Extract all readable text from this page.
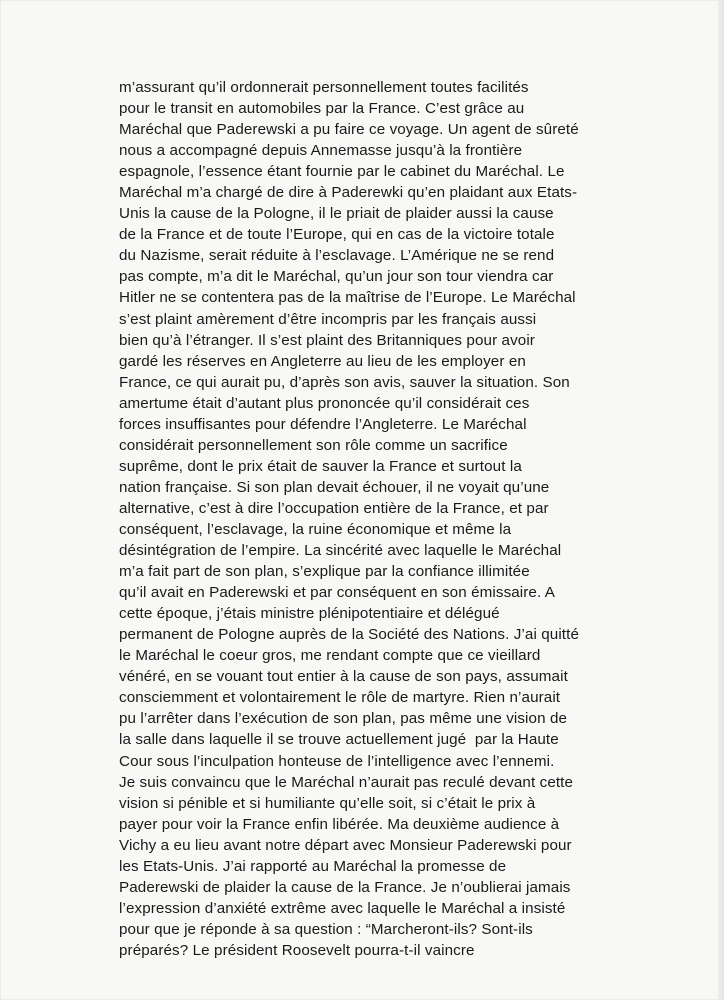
m’assurant qu’il ordonnerait personnellement toutes facilités
pour le transit en automobiles par la France. C’est grâce au
Maréchal que Paderewski a pu faire ce voyage. Un agent de sûreté
nous a accompagné depuis Annemasse jusqu’à la frontière
espagnole, l’essence étant fournie par le cabinet du Maréchal. Le
Maréchal m’a chargé de dire à Paderewki qu’en plaidant aux Etats-
Unis la cause de la Pologne, il le priait de plaider aussi la cause
de la France et de toute l’Europe, qui en cas de la victoire totale
du Nazisme, serait réduite à l’esclavage. L’Amérique ne se rend
pas compte, m’a dit le Maréchal, qu’un jour son tour viendra car
Hitler ne se contentera pas de la maîtrise de l’Europe. Le Maréchal
s’est plaint amèrement d’être incompris par les français aussi
bien qu’à l’étranger. Il s’est plaint des Britanniques pour avoir
gardé les réserves en Angleterre au lieu de les employer en
France, ce qui aurait pu, d’après son avis, sauver la situation. Son
amertume était d’autant plus prononcée qu’il considérait ces
forces insuffisantes pour défendre l’Angleterre. Le Maréchal
considérait personnellement son rôle comme un sacrifice
suprême, dont le prix était de sauver la France et surtout la
nation française. Si son plan devait échouer, il ne voyait qu’une
alternative, c’est à dire l’occupation entière de la France, et par
conséquent, l’esclavage, la ruine économique et même la
désintégration de l’empire. La sincérité avec laquelle le Maréchal
m’a fait part de son plan, s’explique par la confiance illimitée
qu’il avait en Paderewski et par conséquent en son émissaire. A
cette époque, j’étais ministre plénipotentiaire et délégué
permanent de Pologne auprès de la Société des Nations. J’ai quitté
le Maréchal le coeur gros, me rendant compte que ce vieillard
vénéré, en se vouant tout entier à la cause de son pays, assumait
consciemment et volontairement le rôle de martyre. Rien n’aurait
pu l’arrêter dans l’exécution de son plan, pas même une vision de
la salle dans laquelle il se trouve actuellement jugé  par la Haute
Cour sous l’inculpation honteuse de l’intelligence avec l’ennemi.
Je suis convaincu que le Maréchal n’aurait pas reculé devant cette
vision si pénible et si humiliante qu’elle soit, si c’était le prix à
payer pour voir la France enfin libérée. Ma deuxième audience à
Vichy a eu lieu avant notre départ avec Monsieur Paderewski pour
les Etats-Unis. J’ai rapporté au Maréchal la promesse de
Paderewski de plaider la cause de la France. Je n’oublierai jamais
l’expression d’anxiété extrême avec laquelle le Maréchal a insisté
pour que je réponde à sa question : “Marcheront-ils? Sont-ils
préparés? Le président Roosevelt pourra-t-il vaincre
